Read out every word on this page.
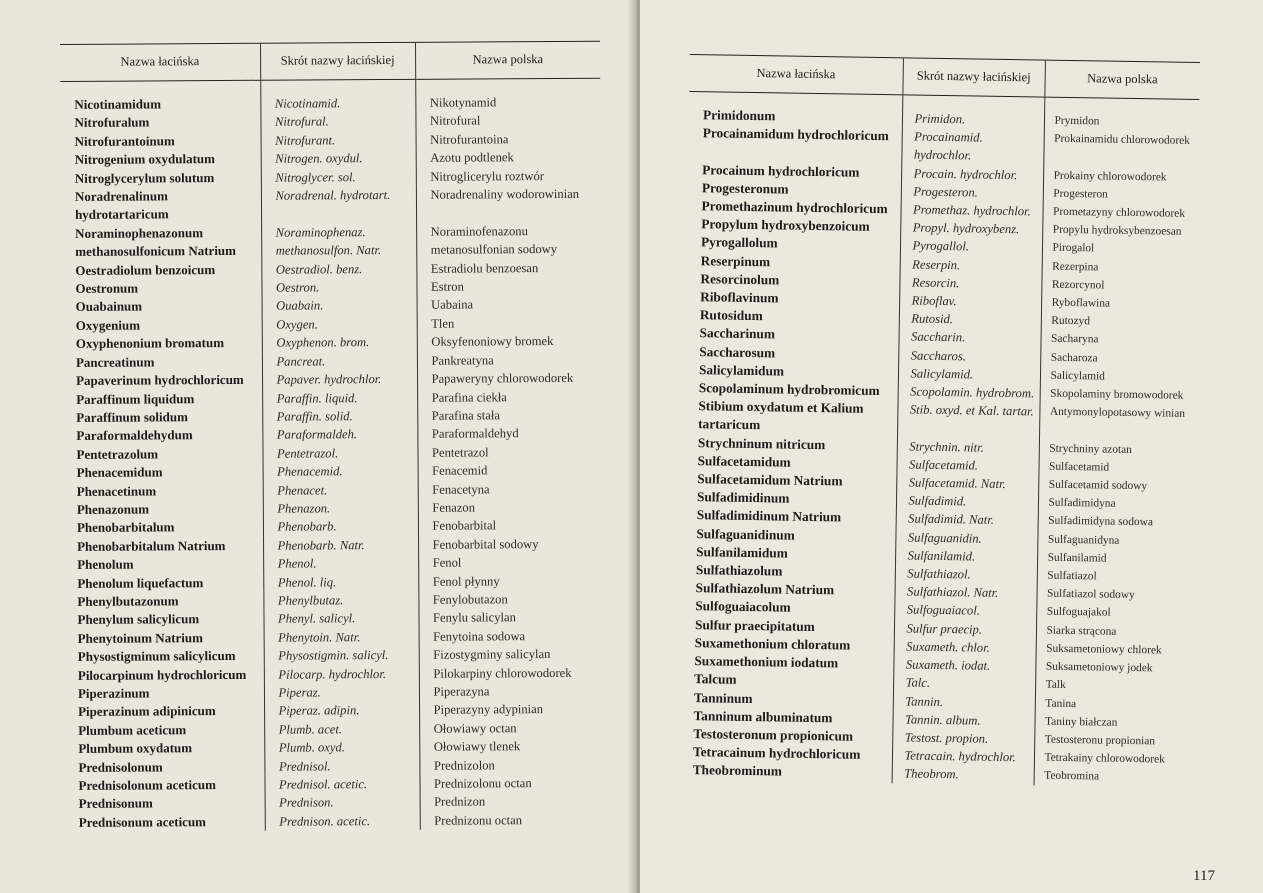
Nazwa łacińska	Skrót nazwy łacińskiej	Nazwa polska
Nicotinamidum	Nicotinamid.	Nikotynamid
Nitrofuralum	Nitrofural.	Nitrofural
Nitrofurantoinum	Nitrofurant.	Nitrofurantoina
Nitrogenium oxydulatum	Nitrogen. oxydul.	Azotu podtlenek
Nitroglycerylum solutum	Nitroglycer. sol.	Nitroglicerylu roztwór
Noradrenalinum hydrotartaricum	Noradrenal. hydrotart.	Noradrenaliny wodorowinian
Noraminophenazonum methanosulfonicum Natrium	Noraminophenaz. methanosulfon. Natr.	Noraminofenazonu metanosulfonian sodowy
Oestradiolum benzoicum	Oestradiol. benz.	Estradiolu benzoesan
Oestronum	Oestron.	Estron
Ouabainum	Ouabain.	Uabaina
Oxygenium	Oxygen.	Tlen
Oxyphenonium bromatum	Oxyphenon. brom.	Oksyfenoniowy bromek
Pancreatinum	Pancreat.	Pankreatyna
Papaverinum hydrochloricum	Papaver. hydrochlor.	Papaweryny chlorowodorek
Paraffinum liquidum	Paraffin. liquid.	Parafina ciekła
Paraffinum solidum	Paraffin. solid.	Parafina stała
Paraformaldehydum	Paraformaldeh.	Paraformaldehyd
Pentetrazolum	Pentetrazol.	Pentetrazol
Phenacemidum	Phenacemid.	Fenacemid
Phenacetinum	Phenacet.	Fenacetyna
Phenazonum	Phenazon.	Fenazon
Phenobarbitalum	Phenobarb.	Fenobarbital
Phenobarbitalum Natrium	Phenobarb. Natr.	Fenobarbital sodowy
Phenolum	Phenol.	Fenol
Phenolum liquefactum	Phenol. liq.	Fenol płynny
Phenylbutazonum	Phenylbutaz.	Fenylobutazon
Phenylum salicylicum	Phenyl. salicyl.	Fenylu salicylan
Phenytoinum Natrium	Phenytoin. Natr.	Fenytoina sodowa
Physostigminum salicylicum	Physostigmin. salicyl.	Fizostygminy salicylan
Pilocarpinum hydrochloricum	Pilocarp. hydrochlor.	Pilokarpiny chlorowodorek
Piperazinum	Piperaz.	Piperazyna
Piperazinum adipinicum	Piperaz. adipin.	Piperazyny adypinian
Plumbum aceticum	Plumb. acet.	Ołowiawy octan
Plumbum oxydatum	Plumb. oxyd.	Ołowiawy tlenek
Prednisolonum	Prednisol.	Prednizolon
Prednisolonum aceticum	Prednisol. acetic.	Prednizolonu octan
Prednisonum	Prednison.	Prednizon
Prednisonum aceticum	Prednison. acetic.	Prednizonu octan
Nazwa łacińska	Skrót nazwy łacińskiej	Nazwa polska
Primidonum	Primidon.	Prymidon
Procainamidum hydrochloricum	Procainamid. hydrochlor.	Prokainamidu chlorowodorek
Procainum hydrochloricum	Procain. hydrochlor.	Prokainy chlorowodorek
Progesteronum	Progesteron.	Progesteron
Promethazinum hydrochloricum	Promethaz. hydrochlor.	Prometazyny chlorowodorek
Propylum hydroxybenzoicum	Propyl. hydroxybenz.	Propylu hydroksybenzoesan
Pyrogallolum	Pyrogallol.	Pirogalol
Reserpinum	Reserpin.	Rezerpina
Resorcinolum	Resorcin.	Rezorcynol
Riboflavinum	Riboflav.	Ryboflawina
Rutosidum	Rutosid.	Rutozyd
Saccharinum	Saccharin.	Sacharyna
Saccharosum	Saccharos.	Sacharoza
Salicylamidum	Salicylamid.	Salicylamid
Scopolaminum hydrobromicum	Scopolamin. hydrobrom.	Skopolaminy bromowodorek
Stibium oxydatum et Kalium tartaricum	Stib. oxyd. et Kal. tartar.	Antymonylopotasowy winian
Strychninum nitricum	Strychnin. nitr.	Strychniny azotan
Sulfacetamidum	Sulfacetamid.	Sulfacetamid
Sulfacetamidum Natrium	Sulfacetamid. Natr.	Sulfacetamid sodowy
Sulfadimidinum	Sulfadimid.	Sulfadimidyna
Sulfadimidinum Natrium	Sulfadimid. Natr.	Sulfadimidyna sodowa
Sulfaguanidinum	Sulfaguanidin.	Sulfaguanidyna
Sulfanilamidum	Sulfanilamid.	Sulfanilamid
Sulfathiazolum	Sulfathiazol.	Sulfatiazol
Sulfathiazolum Natrium	Sulfathiazol. Natr.	Sulfatiazol sodowy
Sulfoguaiacolum	Sulfoguaiacol.	Sulfoguajakol
Sulfur praecipitatum	Sulfur praecip.	Siarka strącona
Suxamethonium chloratum	Suxameth. chlor.	Suksametoniowy chlorek
Suxamethonium iodatum	Suxameth. iodat.	Suksametoniowy jodek
Talcum	Talc.	Talk
Tanninum	Tannin.	Tanina
Tanninum albuminatum	Tannin. album.	Taniny białczan
Testosteronum propionicum	Testost. propion.	Testosteronu propionian
Tetracainum hydrochloricum	Tetracain. hydrochlor.	Tetrakainy chlorowodorek
Theobrominum	Theobrom.	Teobromina
117
